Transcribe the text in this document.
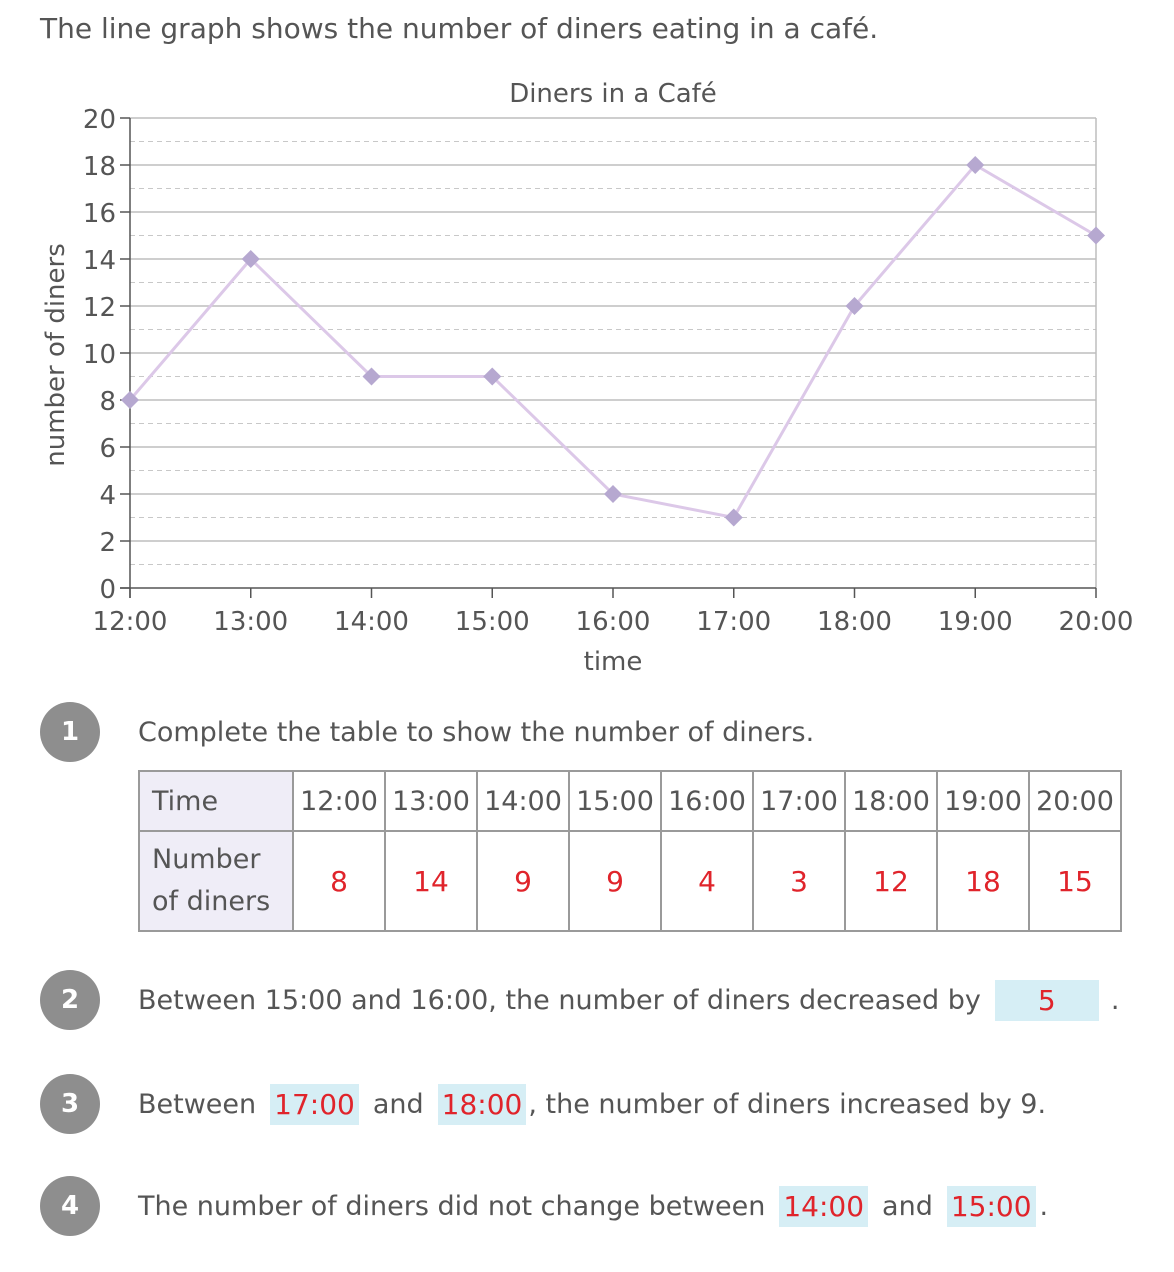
The line graph shows the number of diners eating in a café.
0
2
4
6
8
10
12
14
16
18
20
12:00 13:00 14:00 15:00 16:00 17:00 18:00 19:00 20:00
Diners in a Café
time
number of diners
1	Complete the table to show the number of diners.
Time	12:00	13:00	14:00	15:00	16:00	17:00	18:00	19:00	20:00

Number
of diners	8	14	9	9	4	3	12	18	15
2	Between 15:00 and 16:00, the number of diners decreased by	5	.
3	Between 17:00 and 18:00 , the number of diners increased by 9.
4	The number of diners did not change between 14:00 and 15:00 .
